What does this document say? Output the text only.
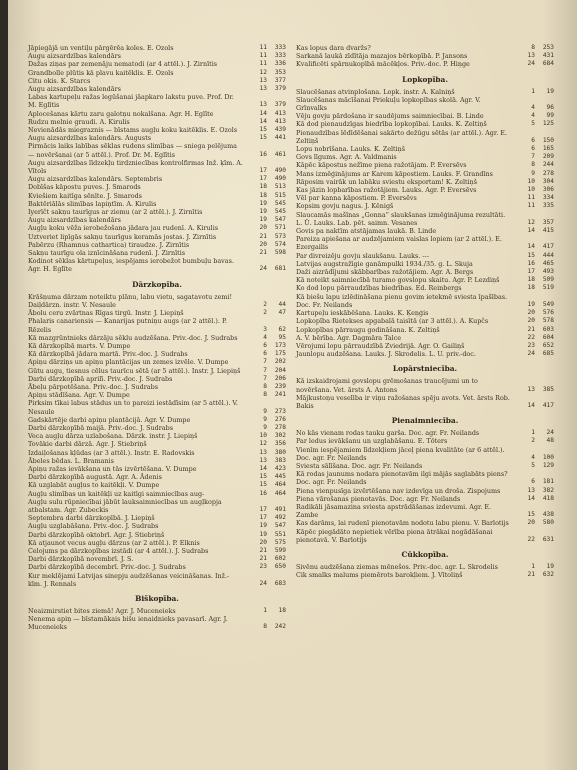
Jāpiegājā un ventiļu pārgērēa koles. E. Ozols	11	333
Augu aizsardzības kalendārs	11	333
Dažas ziņas par zemenāju nematodi (ar 4 attēl.). J. Zirnītis	11	336
Grandbolle plūtis kā plavu kaitēklis. E. Ozols	12	353
Citu okis. K. Starcs	13	377
Augu aizsardzības kalendārs	13	379
Labas kartupeļu ražas legūšanai jāapkaro lakstu puve. Prof. Dr. M. Eglītis	13	379
Aplocešanas kārtu zaru galotņu nokalšana. Agr. H. Eglīte	14	413
Rudzu melnie graudi. A. Kirulis	14	413
Nevienādās miegraznis — bīstams augļu koku kaitēklis. E. Ozols	15	439
Augu aizsardzības kalendārs. Augusts	15	441
Pirmācis laiks labības sēklas rudens slimības — sniega pelējuma — novēršanai (ar 5 attēl.). Prof. Dr. M. Eglītis	16	461
Augu aizsardzības līdzekļu tirdzniecības kontrolfirmas Inž. ķīm. A. Vītols	17	490
Augu aizsardzības kalendārs. Septembris	17	490
Dobīšas kāpostu puves. J. Smarods	18	513
Kviešiem kaitīga sēnīte. J. Smarods	18	515
Baktēriālās slimības lapiņtīm. A. Kirulis	19	545
Iyerīčt sakņu taurīgus ar ziemu (ar 2 attēl.). J. Zirnītis	19	545
Augu aizsardzības kalendārs	19	547
Augļu koku vēža ierobežošana jādara jau rudenī. A. Kirulis	20	571
Uztveriet lipīgās sakņu taurīgus keramās jostas. J. Zirnītis	21	573
Pabērzu (Rhamnus cathartica) tiraudze. J. Zirnītis	20	574
Sakņu taurīgu ola iznīcināšana rudenī. J. Zirnītis	21	598
Kodinot sēklas kārtupeļus, iespējams ierobežot bumbuļu bavas. Agr. H. Eglīte	24	681
Dārzkopība.
Krāšņuma dārzam noteiktu plānu, labu vietu, sagatavotu zemi! Daiļdārzn. instr. V. Nesaule	2	44
Ābolu ceru zvārtnas Rīgas tirgū. Instr. J. Liepiņš	2	47
Phalaris canariensis — Kanarijas putniņu augs (ar 2 attēl.). P. Rēzelis	3	62
Kā mazgrūntnieks dārzāju sēklu audzēšana. Priv.-doc. J. Sudrabs	4	95
Kā dārzkopībā marts. V. Dumpe	6	173
Kā dārzkopībā jādara martā. Priv.-doc. J. Sudrabs	6	175
Apiņu dārziņs un apiņu plantācijas un zemes izvēle. V. Dumpe	7	202
Gūtu augu, tiesnus cēlus taurīcu sētā (ar 5 attēl.). Instr. J. Liepiņš	7	204
Darbi dārzkopībā aprilī. Priv.-doc. J. Sudrabs	7	206
Ābeļu pārpotēšana. Priv.-doc. J. Sudrabs	8	239
Apiņu stādīšana. Agr. V. Dumpe	8	241
Pirksim tīkai labus stādus un to pareizi iestādīsim (ar 5 attēl.). V. Nesaule	9	273
Gadskārtēje darbi apiņu plantācijā. Agr. V. Dumpe	9	276
Darbi dārzkopībā maijā. Priv.-doc. J. Sudrabs	9	278
Veca augļu dārza uzlabošana. Dārzk. instr. J. Liepiņš	10	302
Tovākie darbi dārzā. Agr. J. Stiebriņš	12	356
Izdaiļošanas kļūdas (ar 3 attēl.). Instr. E. Radovskis	13	380
Ābeles bēdas. L. Bramanis	13	383
Apiņu ražas ievākšana un tās izvērtēšana. V. Dumpe	14	423
Darbi dārzkopībā augustā. Agr. A. Ādenis	15	445
Kā uzglabāt augļus to kaitēkļi. V. Dumpe	15	464
Augļu slimības un kaitēkļi uz kaitīgi saimniecības aug-	16	464
Augļu sulu rūpniecībai jābūt lauksaimniecības un augļkopja atbalstam. Agr. Zubeckis	17	491
Septembra darbi dārzkopībā. J. Liepiņš	17	492
Augļu uzglabāšana. Priv.-doc. J. Sudrabs	19	547
Darbi dārzkopībā oktobrī. Agr. J. Stiebriņš	19	551
Kā atjaunot vecus augļu dārzus (ar 2 attēl.). P. Elknis	20	575
Celojums pa dārzkopības izstādi (ar 4 attēl.). J. Sudrabs	21	599
Darbi dārzkopībā novembrī. J. S.	21	602
Darbi dārzkopībā decembrī. Priv.-doc. J. Sudrabs	23	650
Kur meklējami Latvijas sinepju audzēšanas veicināšanas. Inž.-kīm. J. Rennals	24	683
Biškopība.
Neaizmirstiet bites ziemā! Agr. J. Muceneieks	1	18
Nenema apiņ — bīstamākais bišu ienaidnieks pavasarī. Agr. J. Muceneieks	8	242
Kas lopus dara dvaržs?	8	253
Sarkanā laukā zīdītāja mazajos bērkopībā. P. Jansons	13	431
Kvalificēti spārnukopībā mācēkļos. Priv.-doc. P. Hiņge	24	684
Lopkopība.
Slaucēšanas atvinplošana. Lopk. instr. A. Kalniņš	1	19
Slaucēšanas mācīšanai Priekuļu lopkopības skolā. Agr. V. Grīnvalks	4	96
Vēju govju pārdošana ir saudējums saimniecībai. B. Linde	4	99
Kā dod pienaudzīgas biedrība lopkopībai. Lauks. K. Zeltiņš	5	125
Pienaudzības lēdīdēšanai sakārto dežūgu sētās (ar attēl.). Agr. E. Zeltiņš	6	150
Lopu nobrīšana. Lauks. K. Zeltiņš	6	165
Govs līgums. Agr. A. Valdmanis	7	209
Kāpēc kāpostus nežīme piena ražotājam. P. Eversēvs	8	244
Mans izmēģinājums ar Karem kāpostiem. Lauks. F. Grandīns	9	278
Rāposim vairāk un labāku sviestu eksportam! K. Zeltiņš	10	304
Kas jāzin lopbarības ražotājiem. Lauks. Agr. P. Eversēvs	10	306
Vēl par kanna kāpostiem. P. Eversēvs	11	334
Kopsim govju nagus. J. Kēnigš	11	335
Slaucamās mašīnas „Gonna” slaukšanas izmēģinājuma rezultāti. L. Ū. Lauks. Lab. pēt. saimn. Vesanes	12	357
Govis pa naktīm atstājamas laukā. B. Linde	14	415
Pareiza apiešana ar audzējamiem vaislas lopiem (ar 2 attēl.). E. Ezergailis	14	417
Par divreizēju govju slaukšanu. Lauks. ---	15	444
Latvijas augstražīgie ganāmpulki 1934./35. g. L. Skuja	16	465
Daži aizrādījumi skābbarības ražotājiem. Agr. A. Bergs	17	493
Kā noteikt saimniecībā turamo govslopu skaitu. Agr. P. Lezdiņš	18	509
Ko dod lopu pārraudzības biedrības. Ed. Reinbergs	18	519
Kā biešu lapu izlēdināšana pienu govim ietekmē sviesta īpašības. Doc. Fr. Neilands	19	549
Kartupeļu ieskābēšana. Lauks. K. Ķeņģis	20	576
Lopkopība Rietekses apgabalā taisītā (ar 3 attēl.). A. Kupčs	20	578
Lopkopības pārraugu godināšana. K. Zeltiņš	21	603
A. V. bērība. Agr. Dagmāra Talce	22	604
Vērojumi lopu pārraudzībā Zviedrijā. Agr. O. Gailiņš	23	652
Jaunlopu audzēšana. Lauks. J. Skrodelis. L. U. priv.-doc.	24	685
Lopārstniecība.
Kā izskaidrojami govslopu grēmošanas traucējumi un to novēršana. Vet. ārsts A. Antons	13	385
Mājkustoņu veselība ir viņu ražošanas spēju avots. Vet. ārsts Rob. Bakis	14	417
Pienaimniecība.
No kās vienam rodas tauku garša. Doc. agr. Fr. Neilands	1	24
Par ledus ievākšanu un uzglabāšanu. E. Tōters	2	48
Vienīm iespējamiem līdzekļiem jāceļ piena kvalitāte (ar 6 attēl.). Doc. agr. Fr. Neilands	4	100
Sviesta sālīšana. Doc. agr. Fr. Neilands	5	129
Kā rodas jaunums nodara pienotavām ilgi mājās saglabāts piens? Doc. agr. Fr. Neilands	6	181
Piena vienpusīga izvērtēšana nav izdevīga un droša. Zispojums	13	382
Piena vārošanas pienotavās. Doc. agr. Fr. Neilands	14	418
Radikāli jāsamazina sviesta apstrādāšanas izdevumi. Agr. E. Zambe	15	438
Kas darāms, lai rudenī pienotavām nodotu labu pienu. V. Barlotijs	20	580
Kāpēc piegādāto nepietiek vērība piena ātrākai nogādāšanai pienotavā. V. Barlotijs	22	631
Cūkkopība.
Sivēnu audzēšana ziemas mēnešos. Priv.-doc. agr. L. Skrodelis	1	19
Cik smalks malums piemērots barokļiem. J. Vītoliņš	21	632
